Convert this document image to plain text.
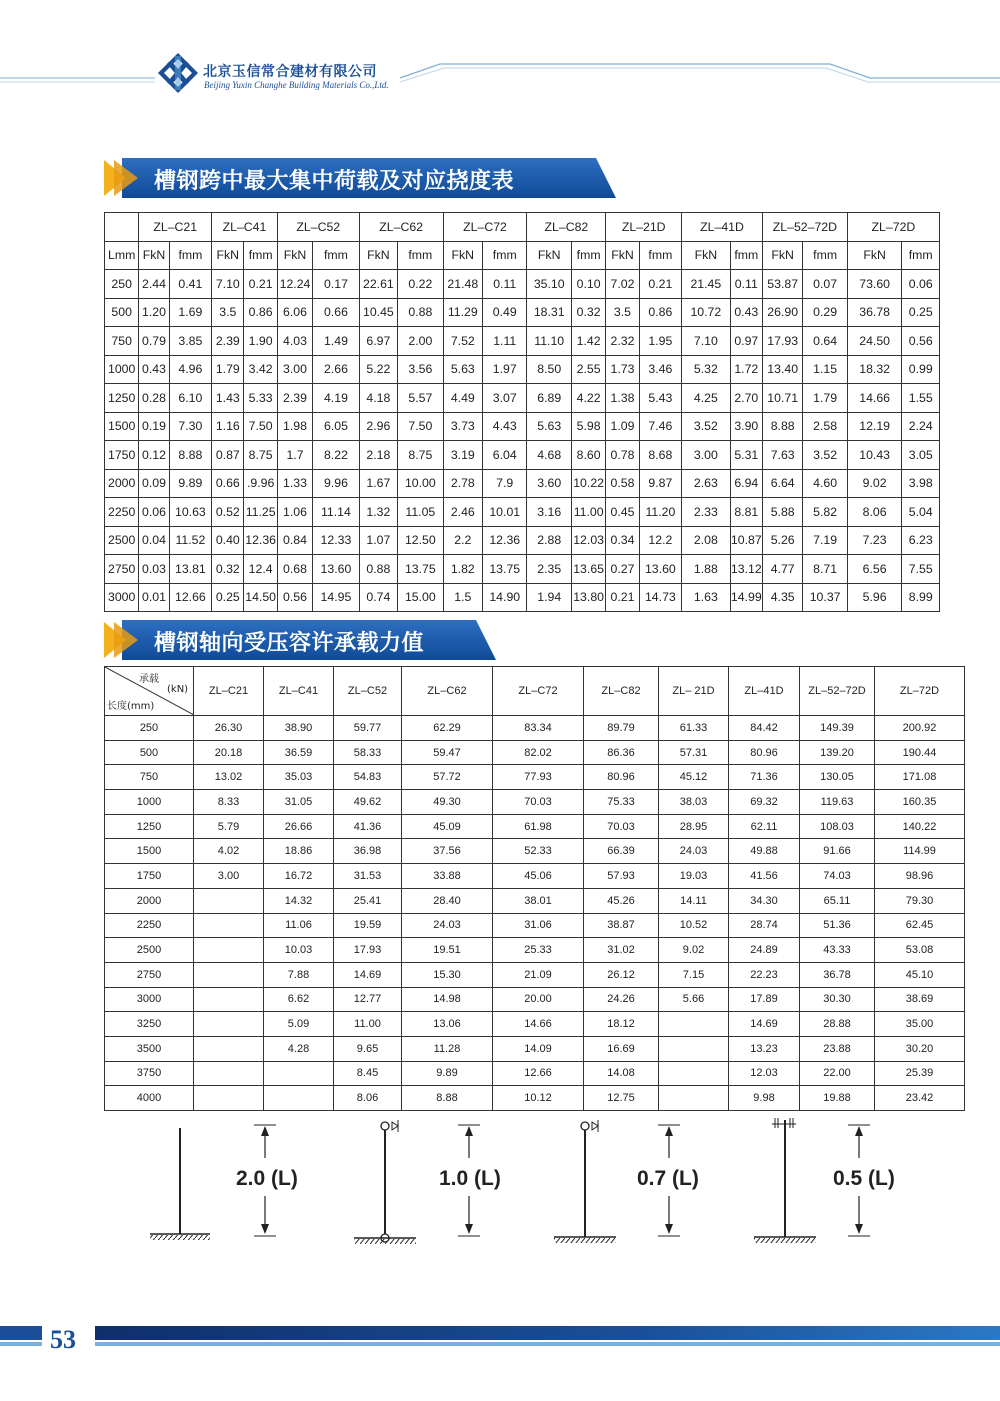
北京玉信常合建材有限公司
Beijing Yuxin Changhe Building Materials Co.,Ltd.
槽钢跨中最大集中荷载及对应挠度表
	ZL–C21		ZL–C41		ZL–C52		ZL–C62		ZL–C72		ZL–C82		ZL–21D		ZL–41D		ZL–52–72D		ZL–72D	
Lmm	FkN	fmm	FkN	fmm	FkN	fmm	FkN	fmm	FkN	fmm	FkN	fmm	FkN	fmm	FkN	fmm	FkN	fmm	FkN	fmm
250	2.44	0.41	7.10	0.21	12.24	0.17	22.61	0.22	21.48	0.11	35.10	0.10	7.02	0.21	21.45	0.11	53.87	0.07	73.60	0.06
500	1.20	1.69	3.5	0.86	6.06	0.66	10.45	0.88	11.29	0.49	18.31	0.32	3.5	0.86	10.72	0.43	26.90	0.29	36.78	0.25
750	0.79	3.85	2.39	1.90	4.03	1.49	6.97	2.00	7.52	1.11	11.10	1.42	2.32	1.95	7.10	0.97	17.93	0.64	24.50	0.56
1000	0.43	4.96	1.79	3.42	3.00	2.66	5.22	3.56	5.63	1.97	8.50	2.55	1.73	3.46	5.32	1.72	13.40	1.15	18.32	0.99
1250	0.28	6.10	1.43	5.33	2.39	4.19	4.18	5.57	4.49	3.07	6.89	4.22	1.38	5.43	4.25	2.70	10.71	1.79	14.66	1.55
1500	0.19	7.30	1.16	7.50	1.98	6.05	2.96	7.50	3.73	4.43	5.63	5.98	1.09	7.46	3.52	3.90	8.88	2.58	12.19	2.24
1750	0.12	8.88	0.87	8.75	1.7	8.22	2.18	8.75	3.19	6.04	4.68	8.60	0.78	8.68	3.00	5.31	7.63	3.52	10.43	3.05
2000	0.09	9.89	0.66	.9.96	1.33	9.96	1.67	10.00	2.78	7.9	3.60	10.22	0.58	9.87	2.63	6.94	6.64	4.60	9.02	3.98
2250	0.06	10.63	0.52	11.25	1.06	11.14	1.32	11.05	2.46	10.01	3.16	11.00	0.45	11.20	2.33	8.81	5.88	5.82	8.06	5.04
2500	0.04	11.52	0.40	12.36	0.84	12.33	1.07	12.50	2.2	12.36	2.88	12.03	0.34	12.2	2.08	10.87	5.26	7.19	7.23	6.23
2750	0.03	13.81	0.32	12.4	0.68	13.60	0.88	13.75	1.82	13.75	2.35	13.65	0.27	13.60	1.88	13.12	4.77	8.71	6.56	7.55
3000	0.01	12.66	0.25	14.50	0.56	14.95	0.74	15.00	1.5	14.90	1.94	13.80	0.21	14.73	1.63	14.99	4.35	10.37	5.96	8.99
槽钢轴向受压容许承载力值
承载
(kN)
长度(mm)	ZL–C21	ZL–C41	ZL–C52	ZL–C62	ZL–C72	ZL–C82	ZL– 21D	ZL–41D	ZL–52–72D	ZL–72D
250	26.30	38.90	59.77	62.29	83.34	89.79	61.33	84.42	149.39	200.92
500	20.18	36.59	58.33	59.47	82.02	86.36	57.31	80.96	139.20	190.44
750	13.02	35.03	54.83	57.72	77.93	80.96	45.12	71.36	130.05	171.08
1000	8.33	31.05	49.62	49.30	70.03	75.33	38.03	69.32	119.63	160.35
1250	5.79	26.66	41.36	45.09	61.98	70.03	28.95	62.11	108.03	140.22
1500	4.02	18.86	36.98	37.56	52.33	66.39	24.03	49.88	91.66	114.99
1750	3.00	16.72	31.53	33.88	45.06	57.93	19.03	41.56	74.03	98.96
2000		14.32	25.41	28.40	38.01	45.26	14.11	34.30	65.11	79.30
2250		11.06	19.59	24.03	31.06	38.87	10.52	28.74	51.36	62.45
2500		10.03	17.93	19.51	25.33	31.02	9.02	24.89	43.33	53.08
2750		7.88	14.69	15.30	21.09	26.12	7.15	22.23	36.78	45.10
3000		6.62	12.77	14.98	20.00	24.26	5.66	17.89	30.30	38.69
3250		5.09	11.00	13.06	14.66	18.12		14.69	28.88	35.00
3500		4.28	9.65	11.28	14.09	16.69		13.23	23.88	30.20
3750			8.45	9.89	12.66	14.08		12.03	22.00	25.39
4000			8.06	8.88	10.12	12.75		9.98	19.88	23.42
2.0 (L)	1.0 (L)	0.7 (L)	0.5 (L)
53
